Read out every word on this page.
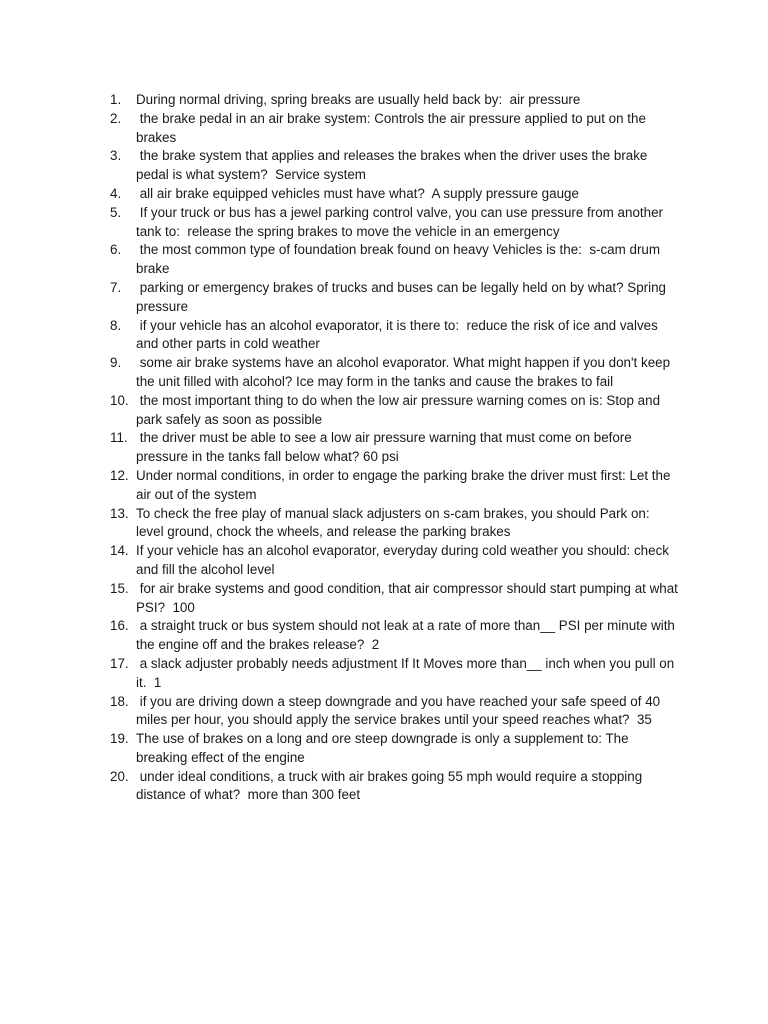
1.	During normal driving, spring breaks are usually held back by:  air pressure
2.	the brake pedal in an air brake system: Controls the air pressure applied to put on the brakes
3.	the brake system that applies and releases the brakes when the driver uses the brake pedal is what system?  Service system
4.	all air brake equipped vehicles must have what?  A supply pressure gauge
5.	If your truck or bus has a jewel parking control valve, you can use pressure from another tank to:  release the spring brakes to move the vehicle in an emergency
6.	the most common type of foundation break found on heavy Vehicles is the:  s-cam drum brake
7.	parking or emergency brakes of trucks and buses can be legally held on by what? Spring pressure
8.	if your vehicle has an alcohol evaporator, it is there to:  reduce the risk of ice and valves and other parts in cold weather
9.	some air brake systems have an alcohol evaporator. What might happen if you don't keep the unit filled with alcohol? Ice may form in the tanks and cause the brakes to fail
10. the most important thing to do when the low air pressure warning comes on is: Stop and park safely as soon as possible
11. the driver must be able to see a low air pressure warning that must come on before pressure in the tanks fall below what? 60 psi
12. Under normal conditions, in order to engage the parking brake the driver must first: Let the air out of the system
13. To check the free play of manual slack adjusters on s-cam brakes, you should Park on: level ground, chock the wheels, and release the parking brakes
14. If your vehicle has an alcohol evaporator, everyday during cold weather you should: check and fill the alcohol level
15. for air brake systems and good condition, that air compressor should start pumping at what PSI?  100
16. a straight truck or bus system should not leak at a rate of more than__ PSI per minute with the engine off and the brakes release?  2
17. a slack adjuster probably needs adjustment If It Moves more than__ inch when you pull on it.  1
18. if you are driving down a steep downgrade and you have reached your safe speed of 40 miles per hour, you should apply the service brakes until your speed reaches what?  35
19. The use of brakes on a long and ore steep downgrade is only a supplement to: The breaking effect of the engine
20. under ideal conditions, a truck with air brakes going 55 mph would require a stopping distance of what?  more than 300 feet
